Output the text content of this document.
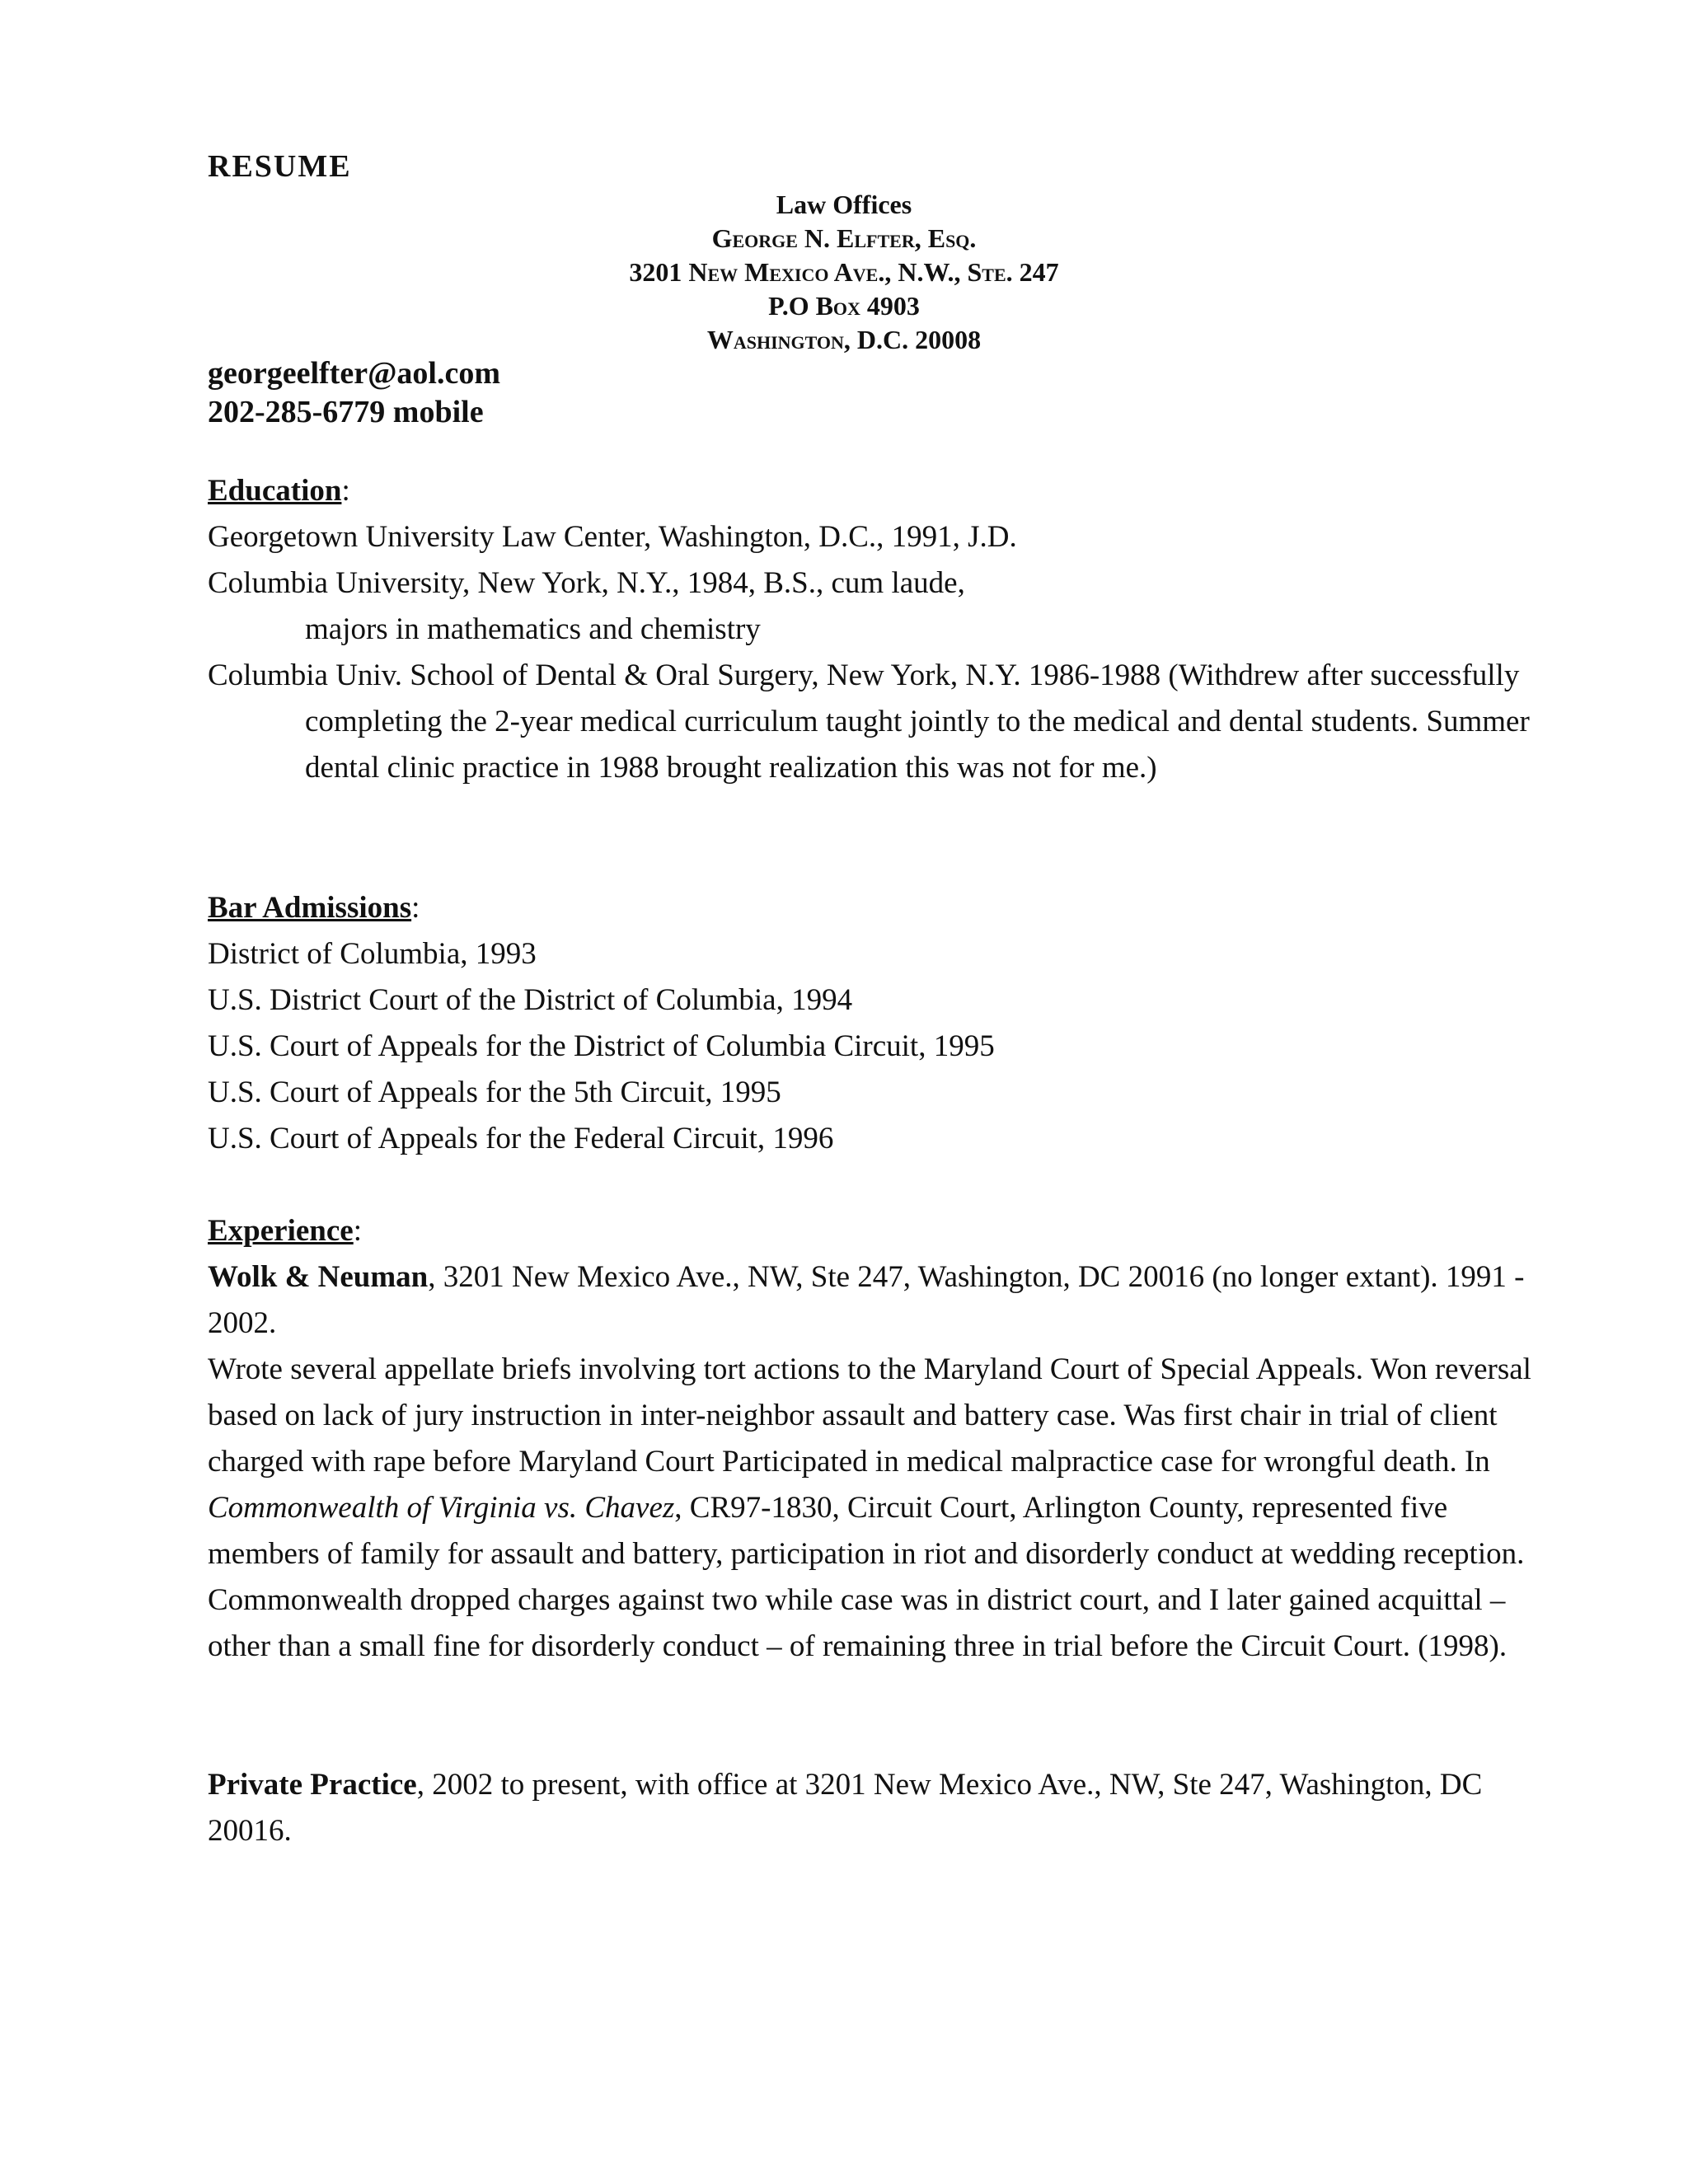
RESUME
Law Offices
George N. Elfter, Esq.
3201 New Mexico Ave., N.W., Ste. 247
P.O Box 4903
Washington, D.C. 20008
georgeelfter@aol.com
202-285-6779 mobile
Education:
Georgetown University Law Center, Washington, D.C., 1991, J.D.
Columbia University, New York, N.Y., 1984, B.S., cum laude,
majors in mathematics and chemistry
Columbia Univ. School of Dental & Oral Surgery, New York, N.Y. 1986-1988 (Withdrew after successfully completing the 2-year medical curriculum taught jointly to the medical and dental students. Summer dental clinic practice in 1988 brought realization this was not for me.)
Bar Admissions:
District of Columbia, 1993
U.S. District Court of the District of Columbia, 1994
U.S. Court of Appeals for the District of Columbia Circuit, 1995
U.S. Court of Appeals for the 5th Circuit, 1995
U.S. Court of Appeals for the Federal Circuit, 1996
Experience:
Wolk & Neuman, 3201 New Mexico Ave., NW, Ste 247, Washington, DC 20016 (no longer extant). 1991 - 2002.
Wrote several appellate briefs involving tort actions to the Maryland Court of Special Appeals. Won reversal based on lack of jury instruction in inter-neighbor assault and battery case. Was first chair in trial of client charged with rape before Maryland Court Participated in medical malpractice case for wrongful death. In Commonwealth of Virginia vs. Chavez, CR97-1830, Circuit Court, Arlington County, represented five members of family for assault and battery, participation in riot and disorderly conduct at wedding reception. Commonwealth dropped charges against two while case was in district court, and I later gained acquittal – other than a small fine for disorderly conduct – of remaining three in trial before the Circuit Court. (1998).
Private Practice, 2002 to present, with office at 3201 New Mexico Ave., NW, Ste 247, Washington, DC 20016.
